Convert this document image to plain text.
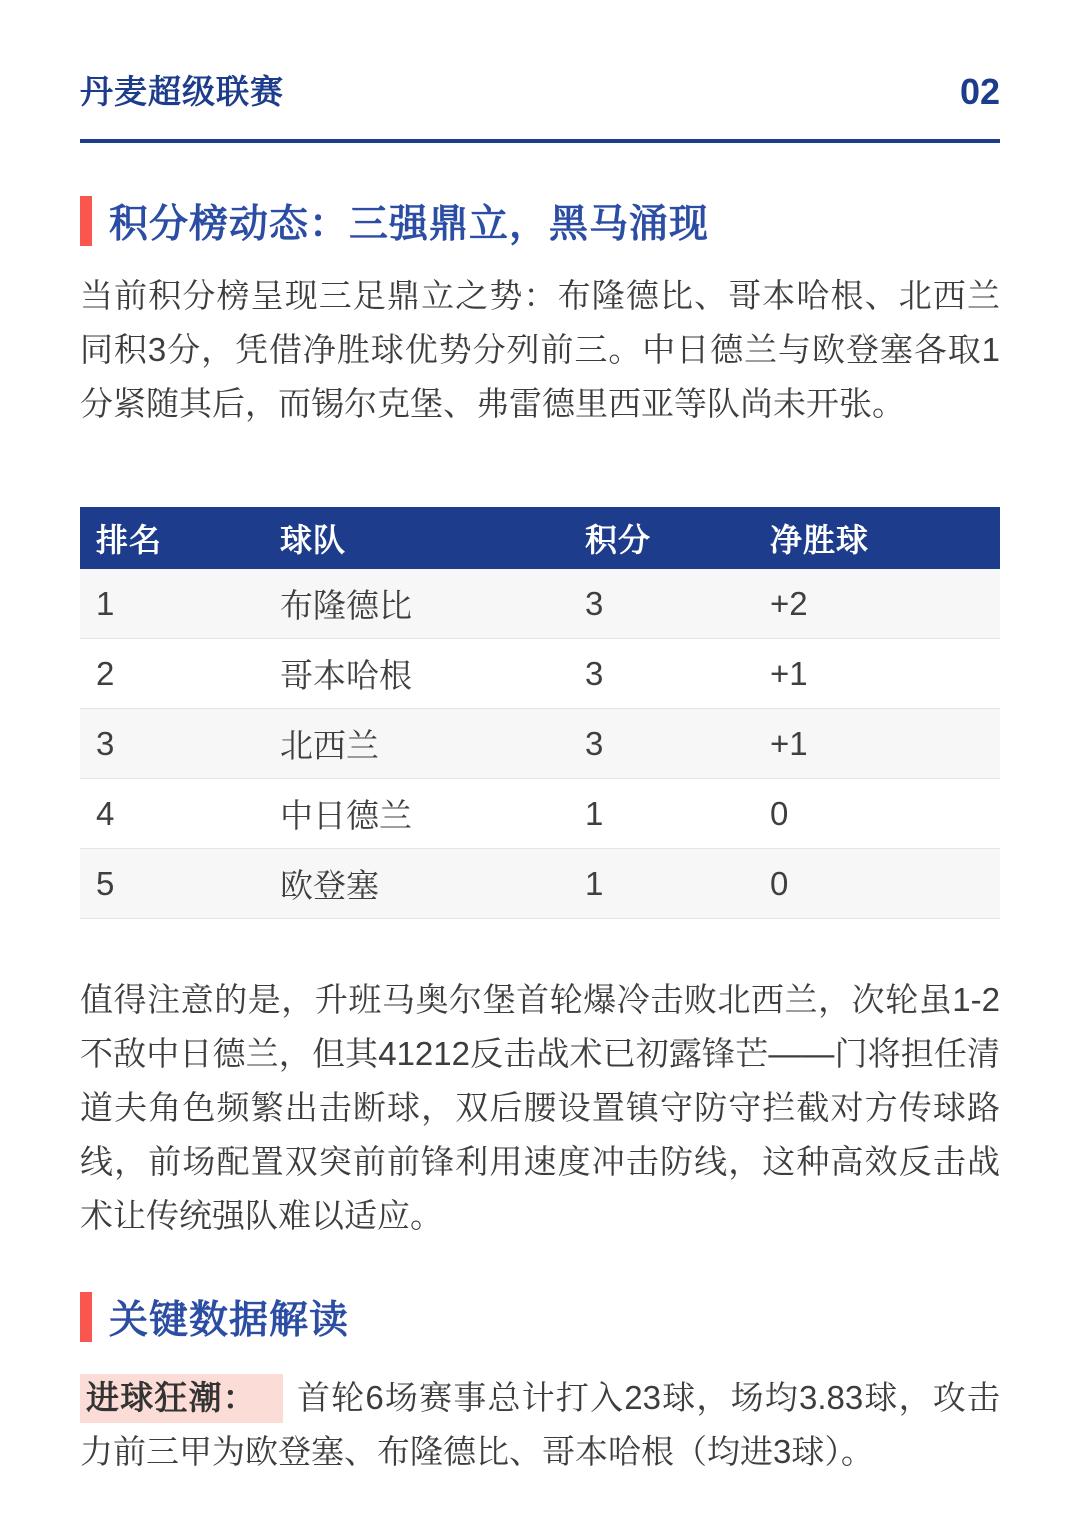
丹麦超级联赛	02
积分榜动态：三强鼎立，黑马涌现

当前积分榜呈现三足鼎立之势：布隆德比、哥本哈根、北西兰同积3分，凭借净胜球优势分列前三。中日德兰与欧登塞各取1分紧随其后，而锡尔克堡、弗雷德里西亚等队尚未开张。

排名	球队	积分	净胜球
1	布隆德比	3	+2
2	哥本哈根	3	+1
3	北西兰	3	+1
4	中日德兰	1	0
5	欧登塞	1	0

值得注意的是，升班马奥尔堡首轮爆冷击败北西兰，次轮虽1-2不敌中日德兰，但其41212反击战术已初露锋芒——门将担任清道夫角色频繁出击断球，双后腰设置镇守防守拦截对方传球路线，前场配置双突前前锋利用速度冲击防线，这种高效反击战术让传统强队难以适应。

关键数据解读

进球狂潮： 首轮6场赛事总计打入23球，场均3.83球，攻击力前三甲为欧登塞、布隆德比、哥本哈根（均进3球）。
